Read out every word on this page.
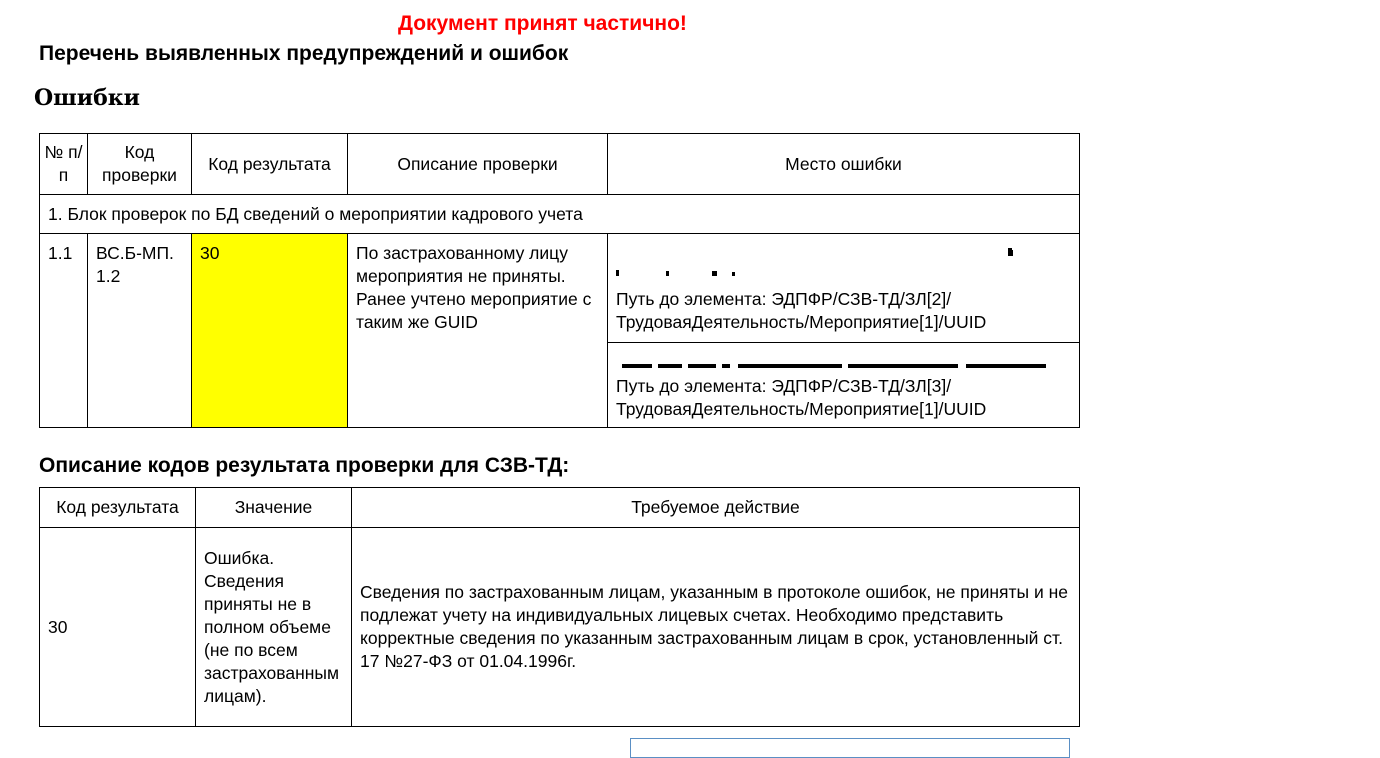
Документ принят частично!
Перечень выявленных предупреждений и ошибок
Ошибки
№ п/п	Код проверки	Код результата	Описание проверки	Место ошибки
1. Блок проверок по БД сведений о мероприятии кадрового учета				
1.1	ВС.Б-МП. 1.2	30	По застрахованному лицу мероприятия не приняты. Ранее учтено мероприятие с таким же GUID	Путь до элемента: ЭДПФР/СЗВ-ТД/ЗЛ[2]/ ТрудоваяДеятельность/Мероприятие[1]/UUID
Путь до элемента: ЭДПФР/СЗВ-ТД/ЗЛ[3]/ ТрудоваяДеятельность/Мероприятие[1]/UUID
Описание кодов результата проверки для СЗВ-ТД:
Код результата	Значение	Требуемое действие
30	Ошибка. Сведения приняты не в полном объеме (не по всем застрахованным лицам).	Сведения по застрахованным лицам, указанным в протоколе ошибок, не приняты и не подлежат учету на индивидуальных лицевых счетах. Необходимо представить корректные сведения по указанным застрахованным лицам в срок, установленный ст. 17 №27-ФЗ от 01.04.1996г.
